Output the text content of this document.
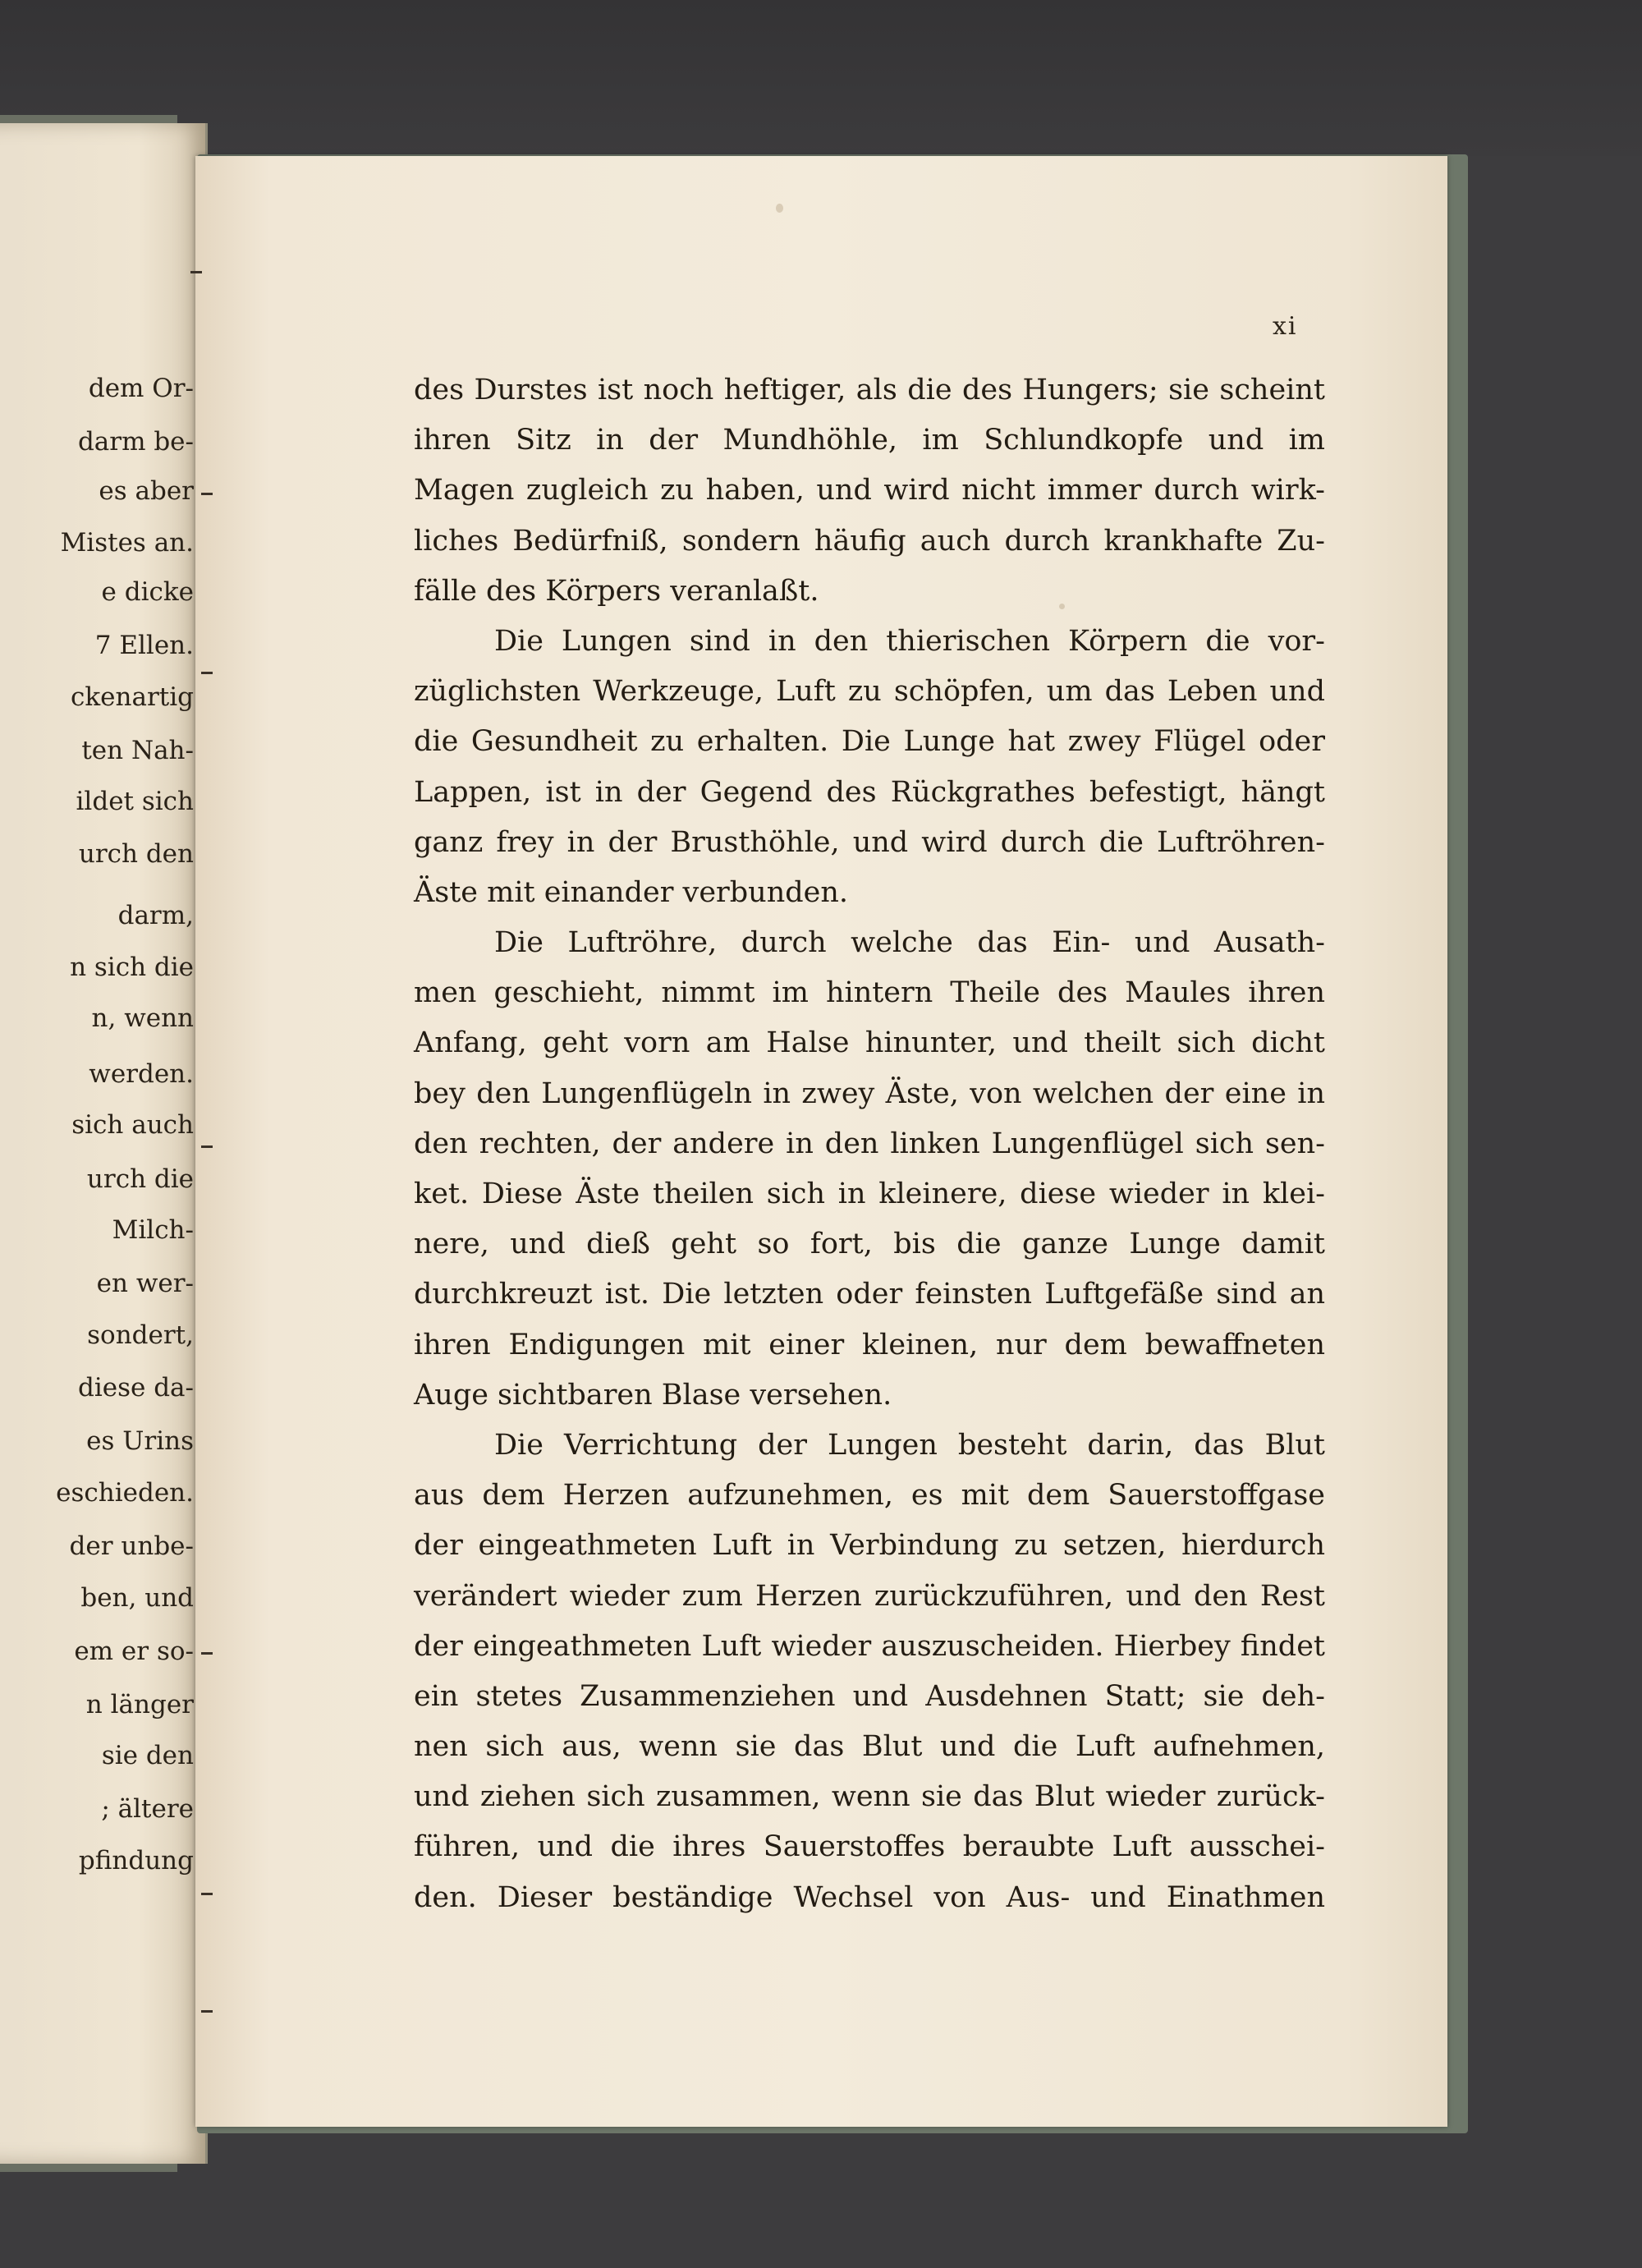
dem Or-
darm be-
es aber
Mistes an.
e dicke
7 Ellen.
ckenartig
ten Nah-
ildet sich
urch den
darm,
n sich die
n, wenn
werden.
sich auch
urch die
Milch-
en wer-
sondert,
diese da-
es Urins
eschieden.
der unbe-
ben, und
em er so-
n länger
sie den
; ältere
pfindung
xi
des Durstes ist noch heftiger, als die des Hungers; sie scheint
ihren Sitz in der Mundhöhle, im Schlundkopfe und im
Magen zugleich zu haben, und wird nicht immer durch wirk-
liches Bedürfniß, sondern häufig auch durch krankhafte Zu-
fälle des Körpers veranlaßt.
Die Lungen sind in den thierischen Körpern die vor-
züglichsten Werkzeuge, Luft zu schöpfen, um das Leben und
die Gesundheit zu erhalten. Die Lunge hat zwey Flügel oder
Lappen, ist in der Gegend des Rückgrathes befestigt, hängt
ganz frey in der Brusthöhle, und wird durch die Luftröhren-
Äste mit einander verbunden.
Die Luftröhre, durch welche das Ein- und Ausath-
men geschieht, nimmt im hintern Theile des Maules ihren
Anfang, geht vorn am Halse hinunter, und theilt sich dicht
bey den Lungenflügeln in zwey Äste, von welchen der eine in
den rechten, der andere in den linken Lungenflügel sich sen-
ket. Diese Äste theilen sich in kleinere, diese wieder in klei-
nere, und dieß geht so fort, bis die ganze Lunge damit
durchkreuzt ist. Die letzten oder feinsten Luftgefäße sind an
ihren Endigungen mit einer kleinen, nur dem bewaffneten
Auge sichtbaren Blase versehen.
Die Verrichtung der Lungen besteht darin, das Blut
aus dem Herzen aufzunehmen, es mit dem Sauerstoffgase
der eingeathmeten Luft in Verbindung zu setzen, hierdurch
verändert wieder zum Herzen zurückzuführen, und den Rest
der eingeathmeten Luft wieder auszuscheiden. Hierbey findet
ein stetes Zusammenziehen und Ausdehnen Statt; sie deh-
nen sich aus, wenn sie das Blut und die Luft aufnehmen,
und ziehen sich zusammen, wenn sie das Blut wieder zurück-
führen, und die ihres Sauerstoffes beraubte Luft ausschei-
den. Dieser beständige Wechsel von Aus- und Einathmen
